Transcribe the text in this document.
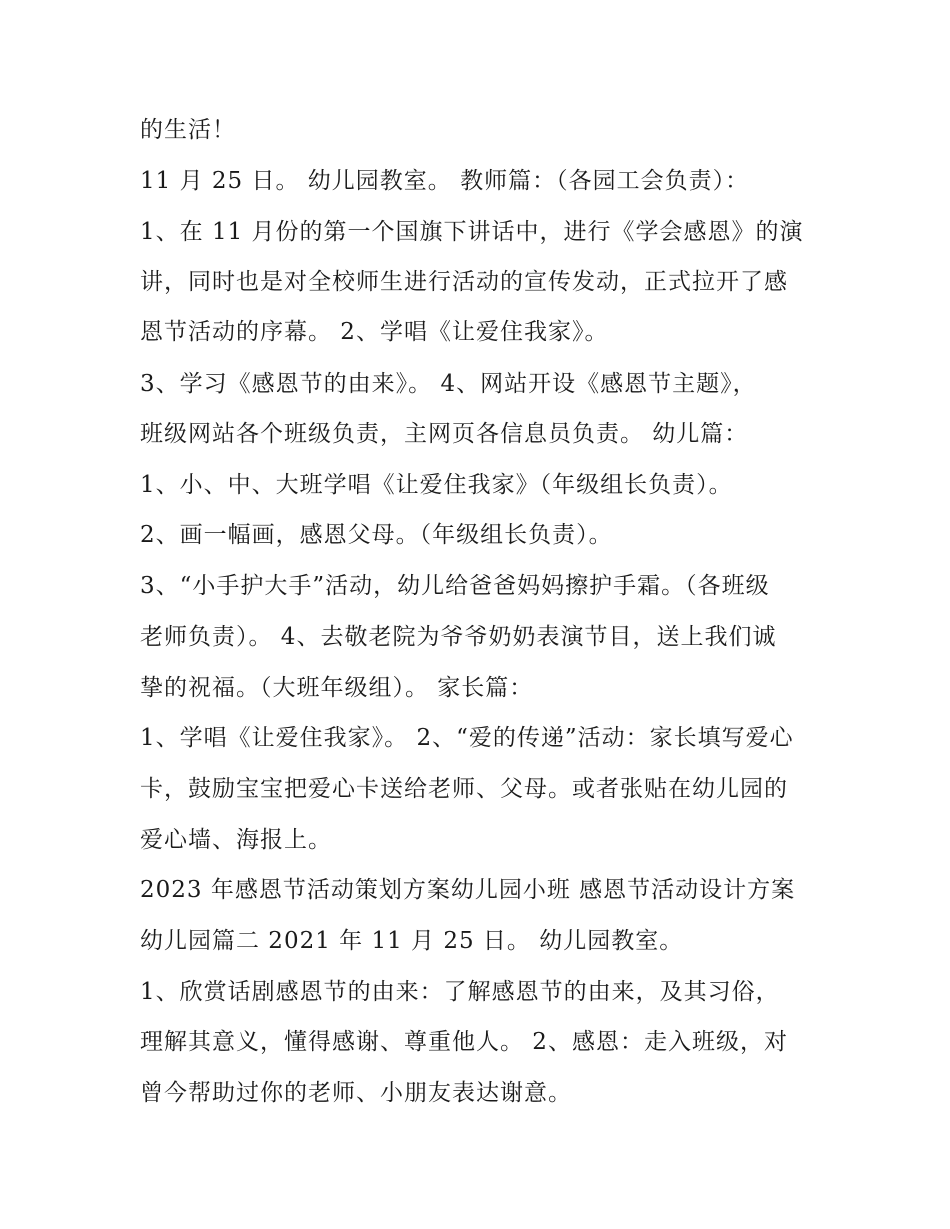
的生活！
11 月 25 日。 幼儿园教室。 教师篇：（各园工会负责）：
1、在 11 月份的第一个国旗下讲话中，进行《学会感恩》的演
讲，同时也是对全校师生进行活动的宣传发动，正式拉开了感
恩节活动的序幕。 2、学唱《让爱住我家》。
3、学习《感恩节的由来》。 4、网站开设《感恩节主题》，
班级网站各个班级负责，主网页各信息员负责。 幼儿篇：
1、小、中、大班学唱《让爱住我家》（年级组长负责）。
2、画一幅画，感恩父母。（年级组长负责）。
3、“小手护大手”活动，幼儿给爸爸妈妈擦护手霜。（各班级
老师负责）。 4、去敬老院为爷爷奶奶表演节目，送上我们诚
挚的祝福。（大班年级组）。 家长篇：
1、学唱《让爱住我家》。 2、“爱的传递”活动：家长填写爱心
卡，鼓励宝宝把爱心卡送给老师、父母。或者张贴在幼儿园的
爱心墙、海报上。
2023 年感恩节活动策划方案幼儿园小班 感恩节活动设计方案
幼儿园篇二 2021 年 11 月 25 日。 幼儿园教室。
1、欣赏话剧感恩节的由来：了解感恩节的由来，及其习俗，
理解其意义，懂得感谢、尊重他人。 2、感恩：走入班级，对
曾今帮助过你的老师、小朋友表达谢意。
